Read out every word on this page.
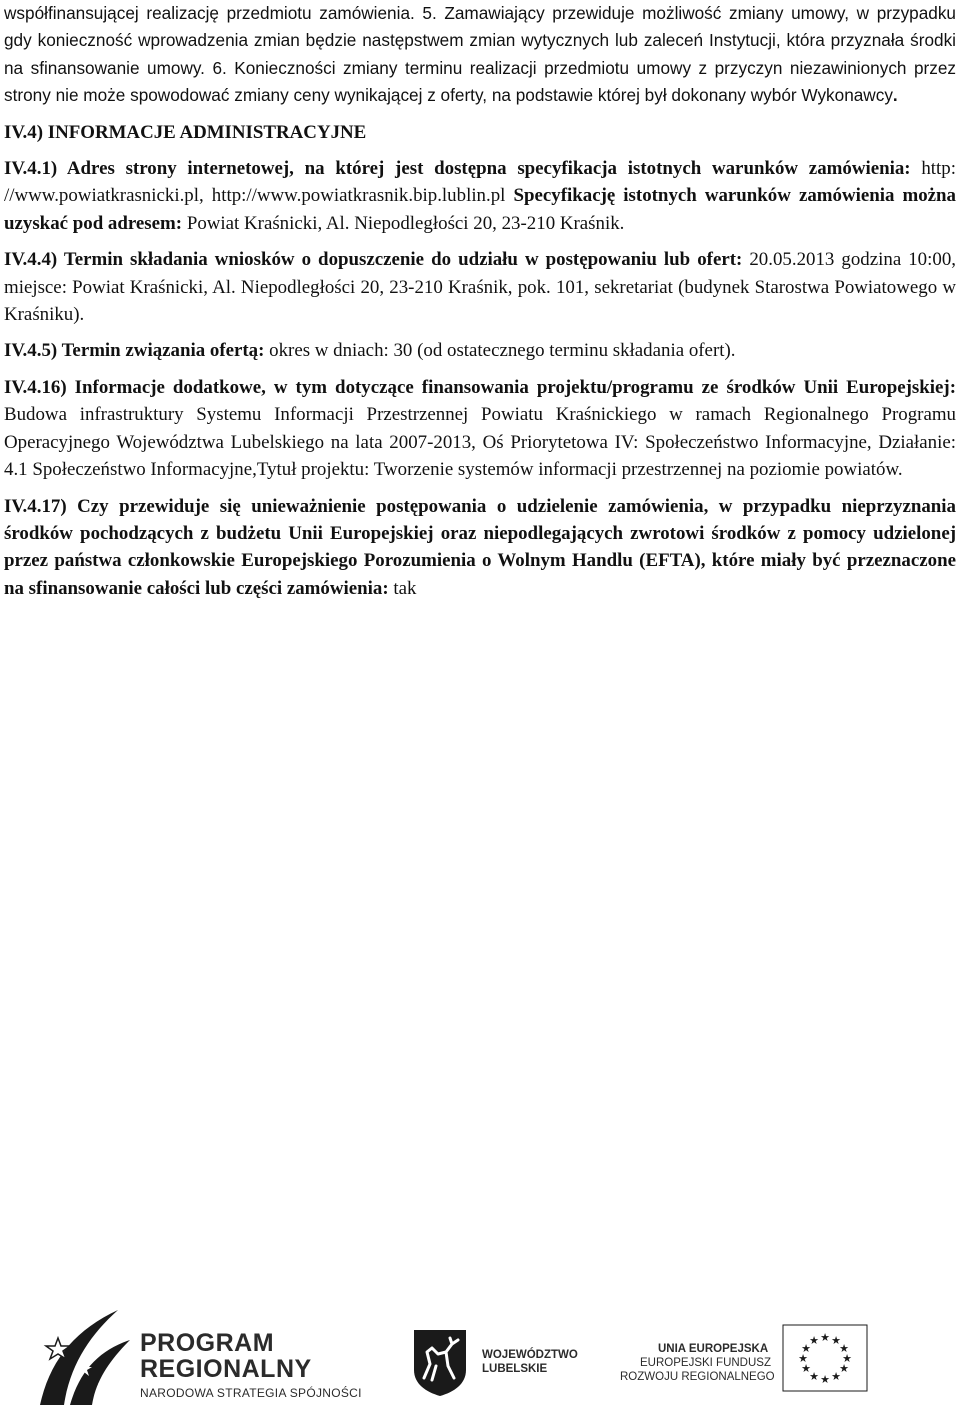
współfinansującej realizację przedmiotu zamówienia. 5. Zamawiający przewiduje możliwość zmiany umowy, w przypadku gdy konieczność wprowadzenia zmian będzie następstwem zmian wytycznych lub zaleceń Instytucji, która przyznała środki na sfinansowanie umowy. 6. Konieczności zmiany terminu realizacji przedmiotu umowy z przyczyn niezawinionych przez strony nie może spowodować zmiany ceny wynikającej z oferty, na podstawie której był dokonany wybór Wykonawcy.

IV.4) INFORMACJE ADMINISTRACYJNE

IV.4.1) Adres strony internetowej, na której jest dostępna specyfikacja istotnych warunków zamówienia: http: //www.powiatkrasnicki.pl, http://www.powiatkrasnik.bip.lublin.pl Specyfikację istotnych warunków zamówienia można uzyskać pod adresem: Powiat Kraśnicki, Al. Niepodległości 20, 23-210 Kraśnik.

IV.4.4) Termin składania wniosków o dopuszczenie do udziału w postępowaniu lub ofert: 20.05.2013 godzina 10:00, miejsce: Powiat Kraśnicki, Al. Niepodległości 20, 23-210 Kraśnik, pok. 101, sekretariat (budynek Starostwa Powiatowego w Kraśniku).

IV.4.5) Termin związania ofertą: okres w dniach: 30 (od ostatecznego terminu składania ofert).

IV.4.16) Informacje dodatkowe, w tym dotyczące finansowania projektu/programu ze środków Unii Europejskiej: Budowa infrastruktury Systemu Informacji Przestrzennej Powiatu Kraśnickiego w ramach Regionalnego Programu Operacyjnego Województwa Lubelskiego na lata 2007-2013, Oś Priorytetowa IV: Społeczeństwo Informacyjne, Działanie: 4.1 Społeczeństwo Informacyjne,Tytuł projektu: Tworzenie systemów informacji przestrzennej na poziomie powiatów.

IV.4.17) Czy przewiduje się unieważnienie postępowania o udzielenie zamówienia, w przypadku nieprzyznania środków pochodzących z budżetu Unii Europejskiej oraz niepodlegających zwrotowi środków z pomocy udzielonej przez państwa członkowskie Europejskiego Porozumienia o Wolnym Handlu (EFTA), które miały być przeznaczone na sfinansowanie całości lub części zamówienia: tak

PROGRAM
REGIONALNY
NARODOWA STRATEGIA SPÓJNOŚCI
WOJEWÓDZTWO
LUBELSKIE
UNIA EUROPEJSKA
EUROPEJSKI FUNDUSZ
ROZWOJU REGIONALNEGO
★ ★
★
★
★
★
★
★
★
★
★
★
